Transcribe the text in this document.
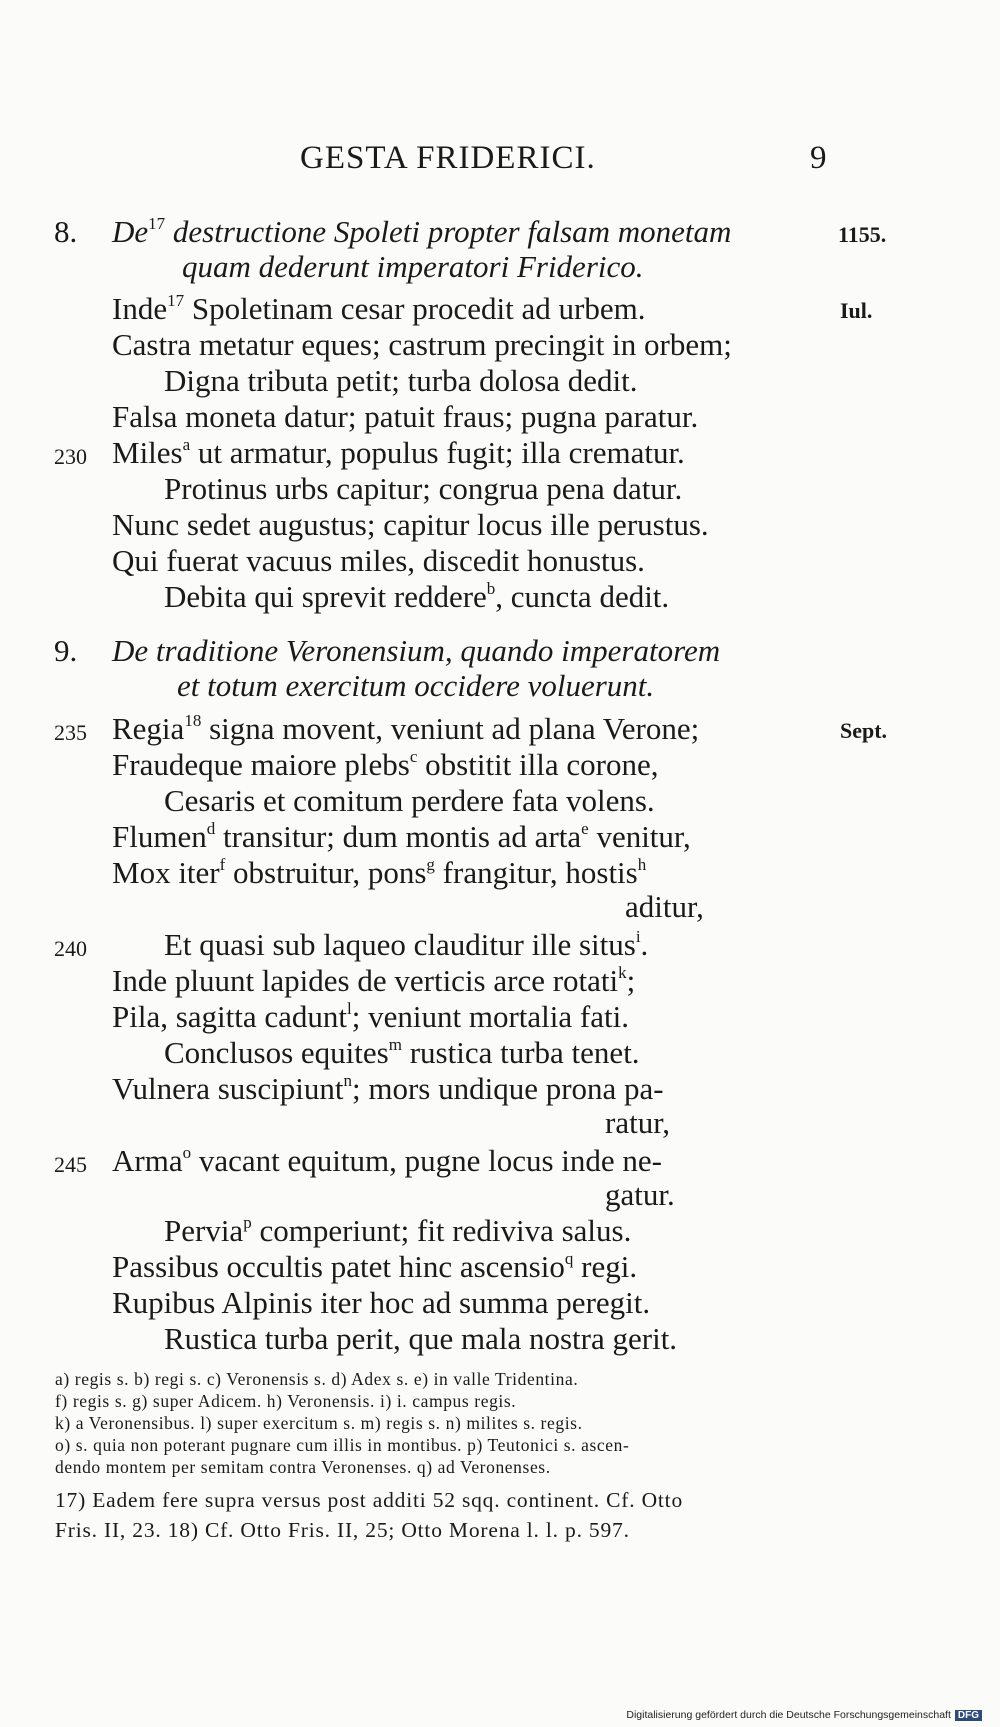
GESTA FRIDERICI.	9
8. De$^{17}$ destructione Spoleti propter falsam monetam	1155.
quam dederunt imperatori Friderico.
Inde$^{17}$ Spoletinam cesar procedit ad urbem.	Iul.
Castra metatur eques; castrum precingit in orbem;
Digna tributa petit; turba dolosa dedit.
Falsa moneta datur; patuit fraus; pugna paratur.
230 Miles$^a$ ut armatur, populus fugit; illa crematur.
Protinus urbs capitur; congrua pena datur.
Nunc sedet augustus; capitur locus ille perustus.
Qui fuerat vacuus miles, discedit honustus.
Debita qui sprevit reddere$^b$, cuncta dedit.
9. De traditione Veronensium, quando imperatorem
et totum exercitum occidere voluerunt.
235 Regia$^{18}$ signa movent, veniunt ad plana Verone;	Sept.
Fraudeque maiore plebs$^c$ obstitit illa corone,
Cesaris et comitum perdere fata volens.
Flumen$^d$ transitur; dum montis ad arta$^e$ venitur,
Mox iter$^f$ obstruitur, pons$^g$ frangitur, hostis$^h$
aditur,
240 Et quasi sub laqueo clauditur ille situs$^i$.
Inde pluunt lapides de verticis arce rotati$^k$;
Pila, sagitta cadunt$^l$; veniunt mortalia fati.
Conclusos equites$^m$ rustica turba tenet.
Vulnera suscipiunt$^n$; mors undique prona pa-
ratur,
245 Arma$^o$ vacant equitum, pugne locus inde ne-
gatur.
Pervia$^p$ comperiunt; fit rediviva salus.
Passibus occultis patet hinc ascensio$^q$ regi.
Rupibus Alpinis iter hoc ad summa peregit.
Rustica turba perit, que mala nostra gerit.
a) regis s. b) regi s. c) Veronensis s. d) Adex s. e) in valle Tridentina.
f) regis s. g) super Adicem. h) Veronensis. i) i. campus regis.
k) a Veronensibus. l) super exercitum s. m) regis s. n) milites s. regis.
o) s. quia non poterant pugnare cum illis in montibus. p) Teutonici s. ascen-
dendo montem per semitam contra Veronenses. q) ad Veronenses.
17) Eadem fere supra versus post additi 52 sqq. continent. Cf. Otto
Fris. II, 23. 18) Cf. Otto Fris. II, 25; Otto Morena l. l. p. 597.
Digitalisierung gefördert durch die Deutsche Forschungsgemeinschaft DFG
